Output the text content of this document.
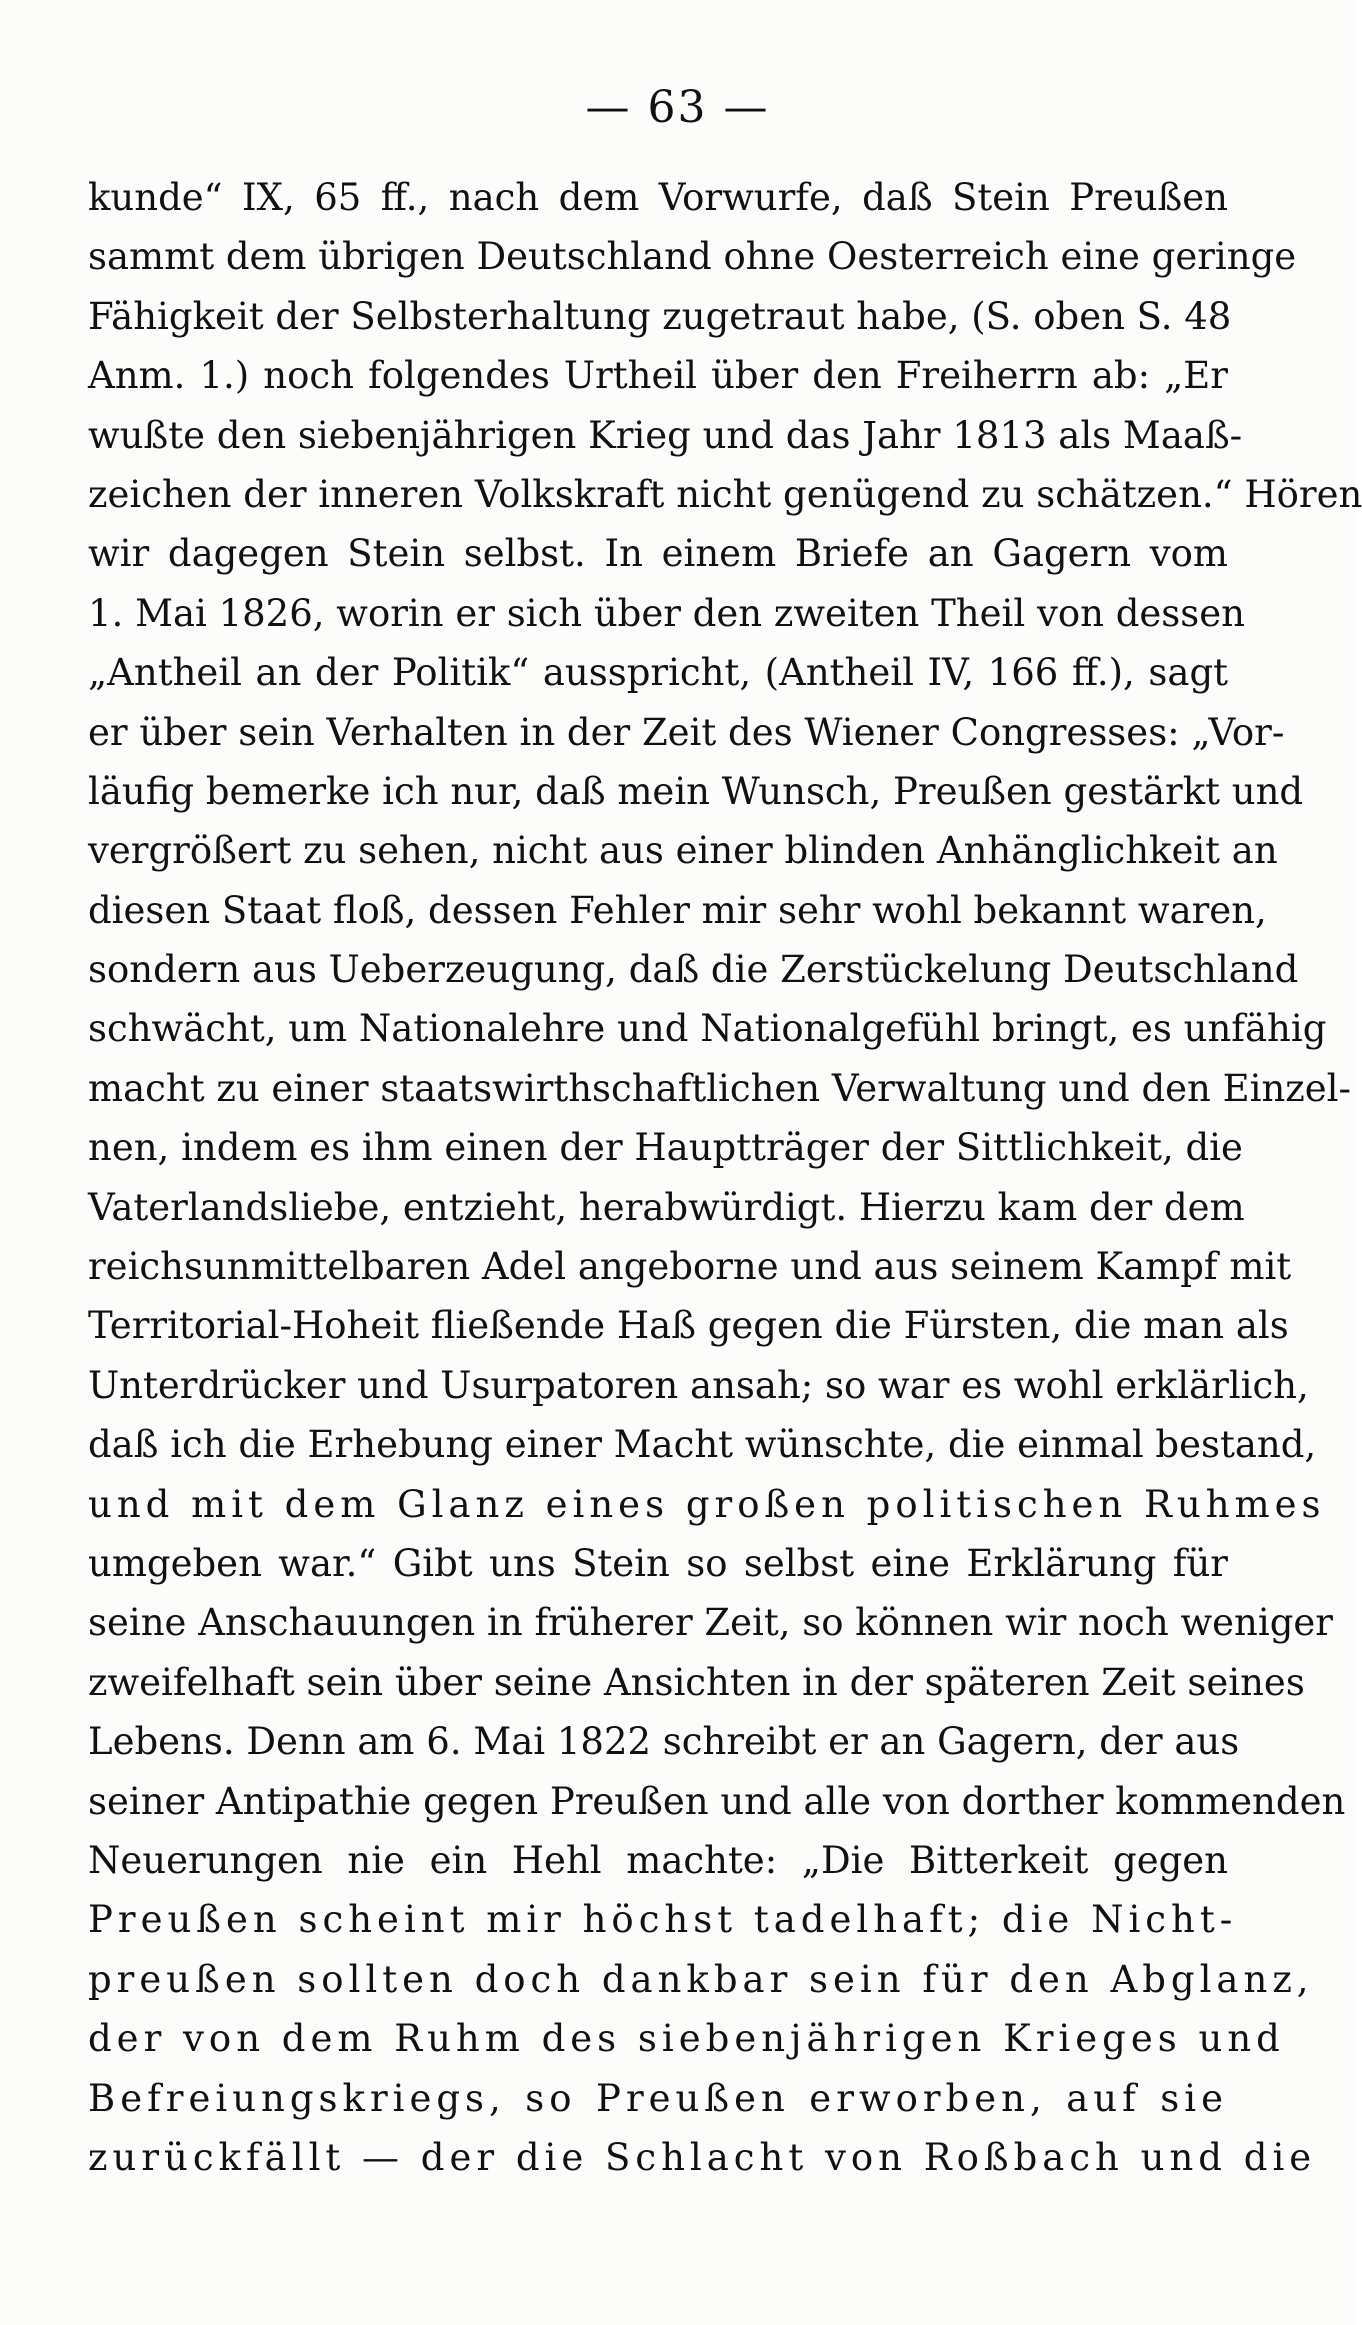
— 63 —
kunde“ IX, 65 ff., nach dem Vorwurfe, daß Stein Preußen
sammt dem übrigen Deutschland ohne Oesterreich eine geringe
Fähigkeit der Selbsterhaltung zugetraut habe, (S. oben S. 48
Anm. 1.) noch folgendes Urtheil über den Freiherrn ab: „Er
wußte den siebenjährigen Krieg und das Jahr 1813 als Maaß-
zeichen der inneren Volkskraft nicht genügend zu schätzen.“ Hören
wir dagegen Stein selbst. In einem Briefe an Gagern vom
1. Mai 1826, worin er sich über den zweiten Theil von dessen
„Antheil an der Politik“ ausspricht, (Antheil IV, 166 ff.), sagt
er über sein Verhalten in der Zeit des Wiener Congresses: „Vor-
läufig bemerke ich nur, daß mein Wunsch, Preußen gestärkt und
vergrößert zu sehen, nicht aus einer blinden Anhänglichkeit an
diesen Staat floß, dessen Fehler mir sehr wohl bekannt waren,
sondern aus Ueberzeugung, daß die Zerstückelung Deutschland
schwächt, um Nationalehre und Nationalgefühl bringt, es unfähig
macht zu einer staatswirthschaftlichen Verwaltung und den Einzel-
nen, indem es ihm einen der Hauptträger der Sittlichkeit, die
Vaterlandsliebe, entzieht, herabwürdigt. Hierzu kam der dem
reichsunmittelbaren Adel angeborne und aus seinem Kampf mit
Territorial-Hoheit fließende Haß gegen die Fürsten, die man als
Unterdrücker und Usurpatoren ansah; so war es wohl erklärlich,
daß ich die Erhebung einer Macht wünschte, die einmal bestand,
und mit dem Glanz eines großen politischen Ruhmes
umgeben war.“ Gibt uns Stein so selbst eine Erklärung für
seine Anschauungen in früherer Zeit, so können wir noch weniger
zweifelhaft sein über seine Ansichten in der späteren Zeit seines
Lebens. Denn am 6. Mai 1822 schreibt er an Gagern, der aus
seiner Antipathie gegen Preußen und alle von dorther kommenden
Neuerungen nie ein Hehl machte: „Die Bitterkeit gegen
Preußen scheint mir höchst tadelhaft; die Nicht-
preußen sollten doch dankbar sein für den Abglanz,
der von dem Ruhm des siebenjährigen Krieges und
Befreiungskriegs, so Preußen erworben, auf sie
zurückfällt — der die Schlacht von Roßbach und die
